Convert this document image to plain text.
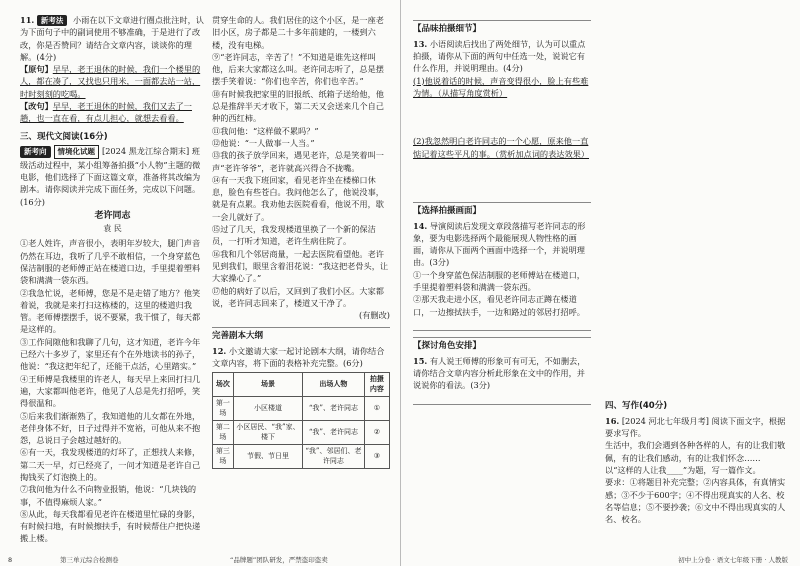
11. 新考法 小雨在以下文章进行圈点批注时，认为下面句子中的副词使用不够准确，于是进行了改改，你是否赞同？请结合文章内容，谈谈你的理解。(4分)

【原句】早早，老王退休的时候，我们一个楼里的人，都在凑了，又找也只用米，一面都去站一站，时时刻刻的吃喝。

【改句】早早，老王退休的时候，我们又去了一趟，也一直在看，有点儿担心，就想去看看。

三、现代文阅读(16分)

新考向 情境化试题 [2024 黑龙江综合期末] 班级活动过程中，某小组筹备拍摄“小人物”主题的微电影，他们选择了下面这篇文章，准备将其改编为剧本。请你阅读并完成下面任务，完成以下问题。(16分)

老许同志
袁 民

①老人姓许，声音很小，表明年岁较大，腿门声音仍然在耳边，我听了几乎不敢相信，一个身穿蓝色保洁制服的老师傅正站在楼道口边，手里提着塑料袋和满满一袋东西。

②我急忙说，老师傅，您是不是走错了地方？他笑着说，我就是来打扫这栋楼的，这里的楼道归我管。老师傅摆摆手，说不要紧，我干惯了，每天都是这样的。

③工作间隙他和我聊了几句，这才知道，老许今年已经六十多岁了，家里还有个在外地读书的孙子，他说：“我这把年纪了，还能干点活，心里踏实。”

④王师傅是我楼里的许老人，每天早上来回打扫几遍，大家都叫他老许，他见了人总是先打招呼，笑得很温和。

⑤后来我们渐渐熟了，我知道他的儿女都在外地，老伴身体不好，日子过得并不宽裕，可他从来不抱怨，总说日子会越过越好的。

⑥有一天，我发现楼道的灯坏了，正想找人来修，第二天一早，灯已经亮了，一问才知道是老许自己掏钱买了灯泡换上的。

⑦我问他为什么不向物业报销，他说：“几块钱的事，不值得麻烦人家。”

⑧从此，每天我都看见老许在楼道里忙碌的身影，有时候扫地，有时候擦扶手，有时候帮住户把快递搬上楼。

贯穿生命的人。我们居住的这个小区，是一座老旧小区，房子都是二十多年前建的，一楼到六楼，没有电梯。

⑨“老许同志，辛苦了！”不知道是谁先这样叫他，后来大家都这么叫。老许同志听了，总是摆摆手笑着说：“你们也辛苦，你们也辛苦。”

⑩有时候我把家里的旧报纸、纸箱子送给他，他总是推辞半天才收下，第二天又会送来几个自己种的西红柿。

⑪我问他：“这样做不累吗？”

⑫他说：“一人做事一人当。”

⑬我的孩子放学回来，遇见老许，总是笑着叫一声“老许爷爷”，老许就高兴得合不拢嘴。

⑭有一天我下班回家，看见老许坐在楼梯口休息，脸色有些苍白。我问他怎么了，他说没事，就是有点累。我劝他去医院看看，他说不用，歇一会儿就好了。

⑮过了几天，我发现楼道里换了一个新的保洁员，一打听才知道，老许生病住院了。

⑯我和几个邻居商量，一起去医院看望他。老许见到我们，眼里含着泪花说：“我这把老骨头，让大家操心了。”

⑰他的病好了以后，又回到了我们小区。大家都说，老许同志回来了，楼道又干净了。

(有删改)

完善剧本大纲

12. 小文邀请大家一起讨论剧本大纲，请你结合文章内容，将下面的表格补充完整。(6分)

场次	场景	出场人物	拍摄内容
第一场	小区楼道	“我”、老许同志	①
第二场	小区居民、“我”家、楼下	“我”、老许同志	②
第三场	节假、节日里	“我”、邻居们、老许同志	③
8	第三单元综合检测卷	“品牌题”团队研发，严禁盗印盗卖
【品味拍摄细节】

13. 小语阅读后找出了两处细节，认为可以重点拍摄，请你从下面的两句中任选一处，说说它有什么作用，并说明理由。(4分)

(1)他说着话的时候，声音变得很小，脸上有些难为情。（从描写角度赏析）

(2)我忽然明白老许同志的一个心愿，原来他一直惦记着这些平凡的事。（赏析加点词的表达效果）

【选择拍摄画面】

14. 导演阅读后发现文章段落描写老许同志的形象，要为电影选择两个最能展现人物性格的画面，请你从下面两个画面中选择一个，并说明理由。(3分)

①一个身穿蓝色保洁制服的老师傅站在楼道口，手里提着塑料袋和满满一袋东西。

②那天我走进小区，看见老许同志正蹲在楼道口，一边擦拭扶手，一边和路过的邻居打招呼。

【探讨角色安排】

15. 有人说王师傅的形象可有可无，不如删去，请你结合文章内容分析此形象在文中的作用，并说说你的看法。(3分)

四、写作(40分)

16. [2024 河北七年级月考] 阅读下面文字，根据要求写作。

生活中，我们会遇到各种各样的人，有的让我们敬佩，有的让我们感动，有的让我们怀念……

以“这样的人让我____”为题，写一篇作文。

要求：①将题目补充完整；②内容具体，有真情实感；③不少于600字；④不得出现真实的人名、校名等信息；⑤不要抄袭；⑥文中不得出现真实的人名、校名。

初中上分卷 · 语文七年级下册 · 人教版
